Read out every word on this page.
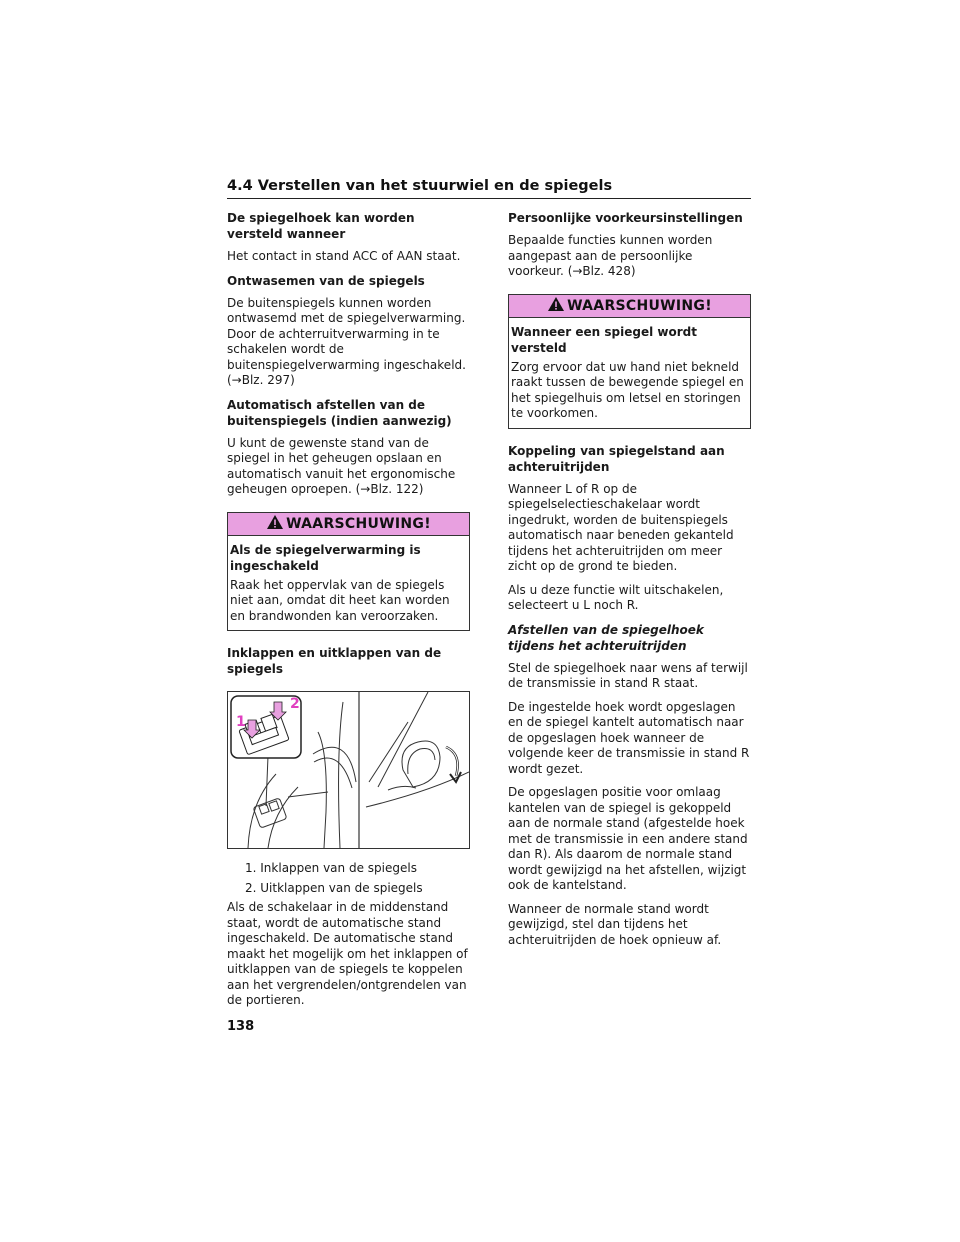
4.4 Verstellen van het stuurwiel en de spiegels
De spiegelhoek kan worden versteld wanneer
Het contact in stand ACC of AAN staat.
Ontwasemen van de spiegels
De buitenspiegels kunnen worden ontwasemd met de spiegelverwarming. Door de achterruitverwarming in te schakelen wordt de buitenspiegelverwarming ingeschakeld. (→Blz. 297)
Automatisch afstellen van de buitenspiegels (indien aanwezig)
U kunt de gewenste stand van de spiegel in het geheugen opslaan en automatisch vanuit het ergonomische geheugen oproepen. (→Blz. 122)
WAARSCHUWING!
Als de spiegelverwarming is ingeschakeld
Raak het oppervlak van de spiegels niet aan, omdat dit heet kan worden en brandwonden kan veroorzaken.
Inklappen en uitklappen van de spiegels
1
2
1. Inklappen van de spiegels
2. Uitklappen van de spiegels
Als de schakelaar in de middenstand staat, wordt de automatische stand ingeschakeld. De automatische stand maakt het mogelijk om het inklappen of uitklappen van de spiegels te koppelen aan het vergrendelen/ontgrendelen van de portieren.
Persoonlijke voorkeursinstellingen
Bepaalde functies kunnen worden aangepast aan de persoonlijke voorkeur. (→Blz. 428)
WAARSCHUWING!
Wanneer een spiegel wordt versteld
Zorg ervoor dat uw hand niet bekneld raakt tussen de bewegende spiegel en het spiegelhuis om letsel en storingen te voorkomen.
Koppeling van spiegelstand aan achteruitrijden
Wanneer L of R op de spiegelselectieschakelaar wordt ingedrukt, worden de buitenspiegels automatisch naar beneden gekanteld tijdens het achteruitrijden om meer zicht op de grond te bieden.
Als u deze functie wilt uitschakelen, selecteert u L noch R.
Afstellen van de spiegelhoek tijdens het achteruitrijden
Stel de spiegelhoek naar wens af terwijl de transmissie in stand R staat.
De ingestelde hoek wordt opgeslagen en de spiegel kantelt automatisch naar de opgeslagen hoek wanneer de volgende keer de transmissie in stand R wordt gezet.
De opgeslagen positie voor omlaag kantelen van de spiegel is gekoppeld aan de normale stand (afgestelde hoek met de transmissie in een andere stand dan R). Als daarom de normale stand wordt gewijzigd na het afstellen, wijzigt ook de kantelstand.
Wanneer de normale stand wordt gewijzigd, stel dan tijdens het achteruitrijden de hoek opnieuw af.
138
